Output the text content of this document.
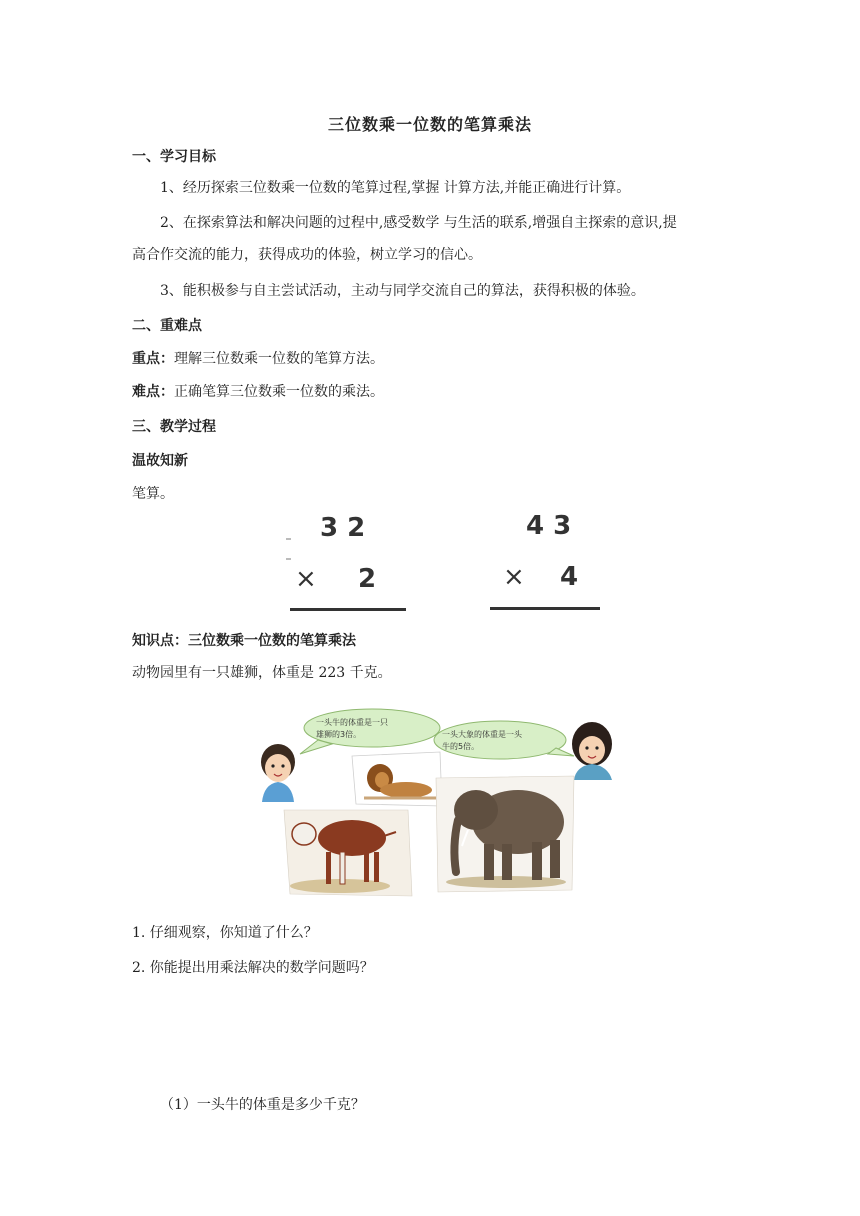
三位数乘一位数的笔算乘法
一、学习目标
1、经历探索三位数乘一位数的笔算过程,掌握 计算方法,并能正确进行计算。
2、在探索算法和解决问题的过程中,感受数学 与生活的联系,增强自主探索的意识,提
高合作交流的能力，获得成功的体验，树立学习的信心。
3、能积极参与自主尝试活动，主动与同学交流自己的算法，获得积极的体验。
二、重难点
重点：理解三位数乘一位数的笔算方法。
难点：正确笔算三位数乘一位数的乘法。
三、教学过程
温故知新
笔算。
3 2
× 2
4 3
× 4
知识点：三位数乘一位数的笔算乘法
动物园里有一只雄狮，体重是 223 千克。
一头牛的体重是一只
雄狮的3倍。	一头大象的体重是一头
牛的5倍。
1. 仔细观察，你知道了什么？
2. 你能提出用乘法解决的数学问题吗？
（1）一头牛的体重是多少千克？
